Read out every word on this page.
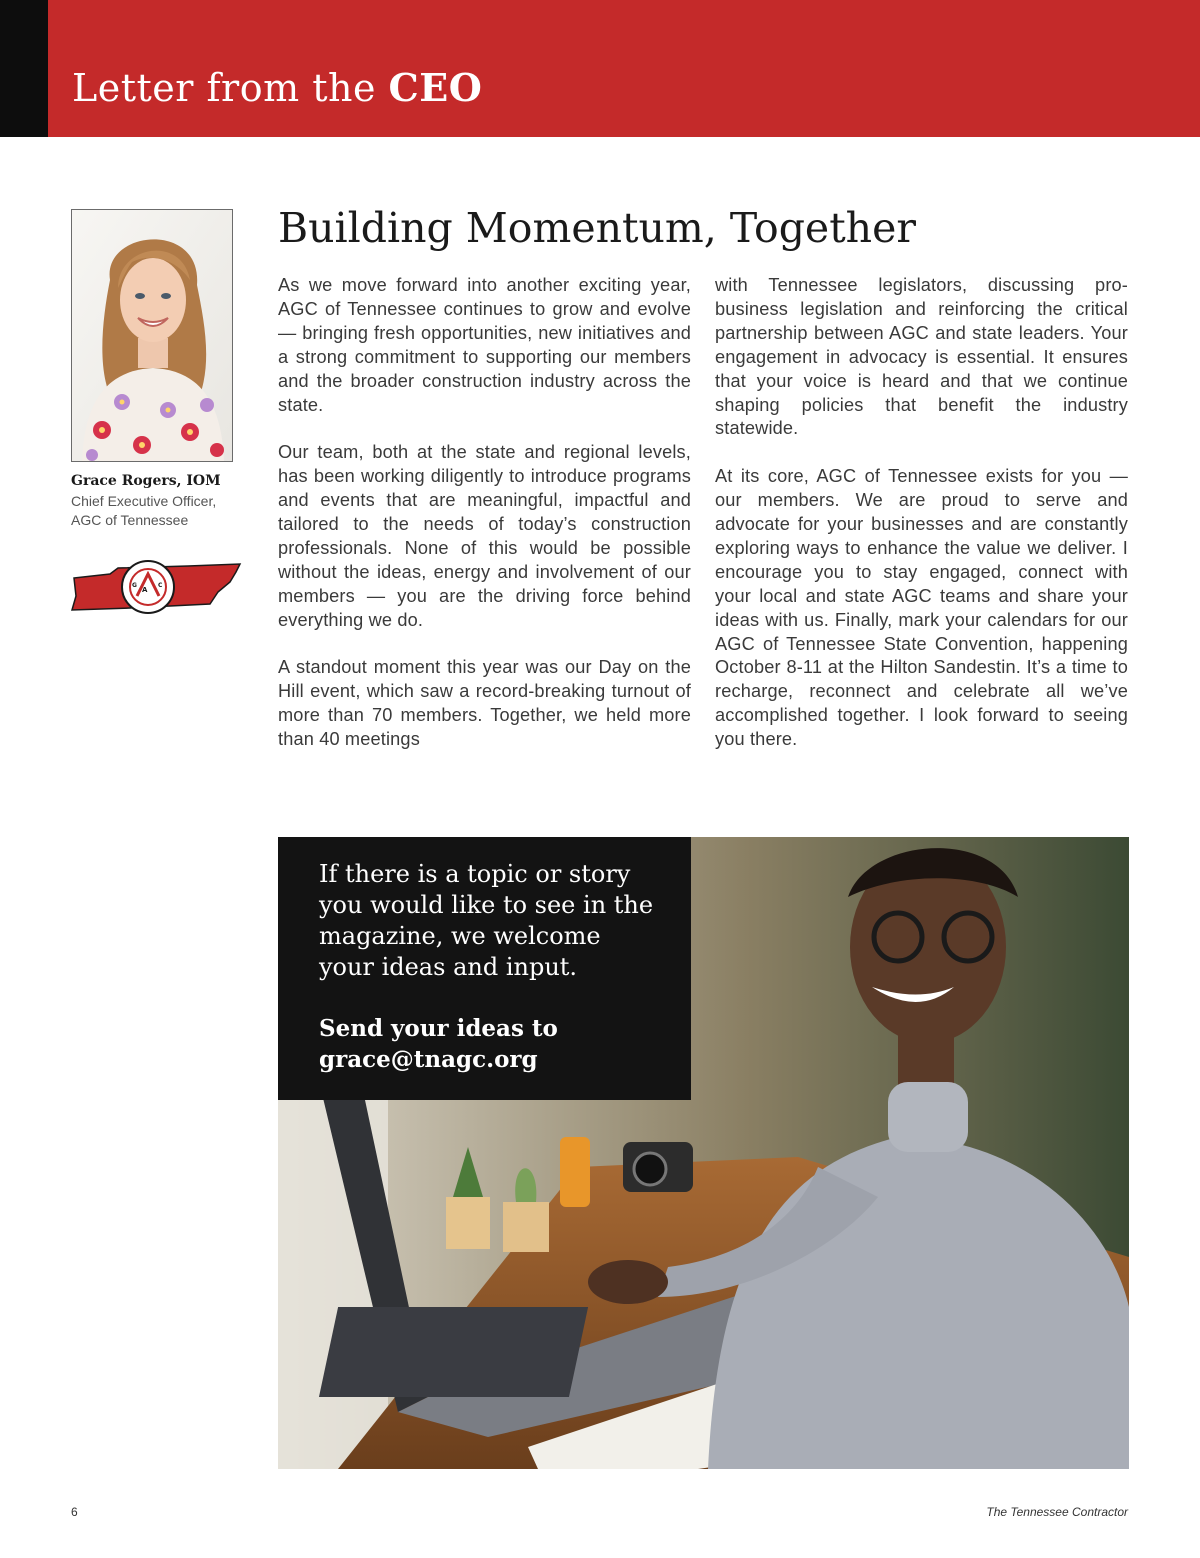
Letter from the CEO
Grace Rogers, IOM
Chief Executive Officer,
AGC of Tennessee
A
G	C
Building Momentum, Together

As we move forward into another exciting year, AGC of Tennessee continues to grow and evolve — bringing fresh opportunities, new initiatives and a strong commitment to supporting our members and the broader construction industry across the state.

Our team, both at the state and regional levels, has been working diligently to introduce programs and events that are meaningful, impactful and tailored to the needs of today’s construction professionals. None of this would be possible without the ideas, energy and involvement of our members — you are the driving force behind everything we do.

A standout moment this year was our Day on the Hill event, which saw a record-breaking turnout of more than 70 members. Together, we held more than 40 meetings

with Tennessee legislators, discussing pro-business legislation and reinforcing the critical partnership between AGC and state leaders. Your engagement in advocacy is essential. It ensures that your voice is heard and that we continue shaping policies that benefit the industry statewide.

At its core, AGC of Tennessee exists for you — our members. We are proud to serve and advocate for your businesses and are constantly exploring ways to enhance the value we deliver. I encourage you to stay engaged, connect with your local and state AGC teams and share your ideas with us. Finally, mark your calendars for our AGC of Tennessee State Convention, happening October 8-11 at the Hilton Sandestin. It’s a time to recharge, reconnect and celebrate all we’ve accomplished together. I look forward to seeing you there.

If there is a topic or story you would like to see in the magazine, we welcome your ideas and input.

Send your ideas to
grace@tnagc.org
6	The Tennessee Contractor
